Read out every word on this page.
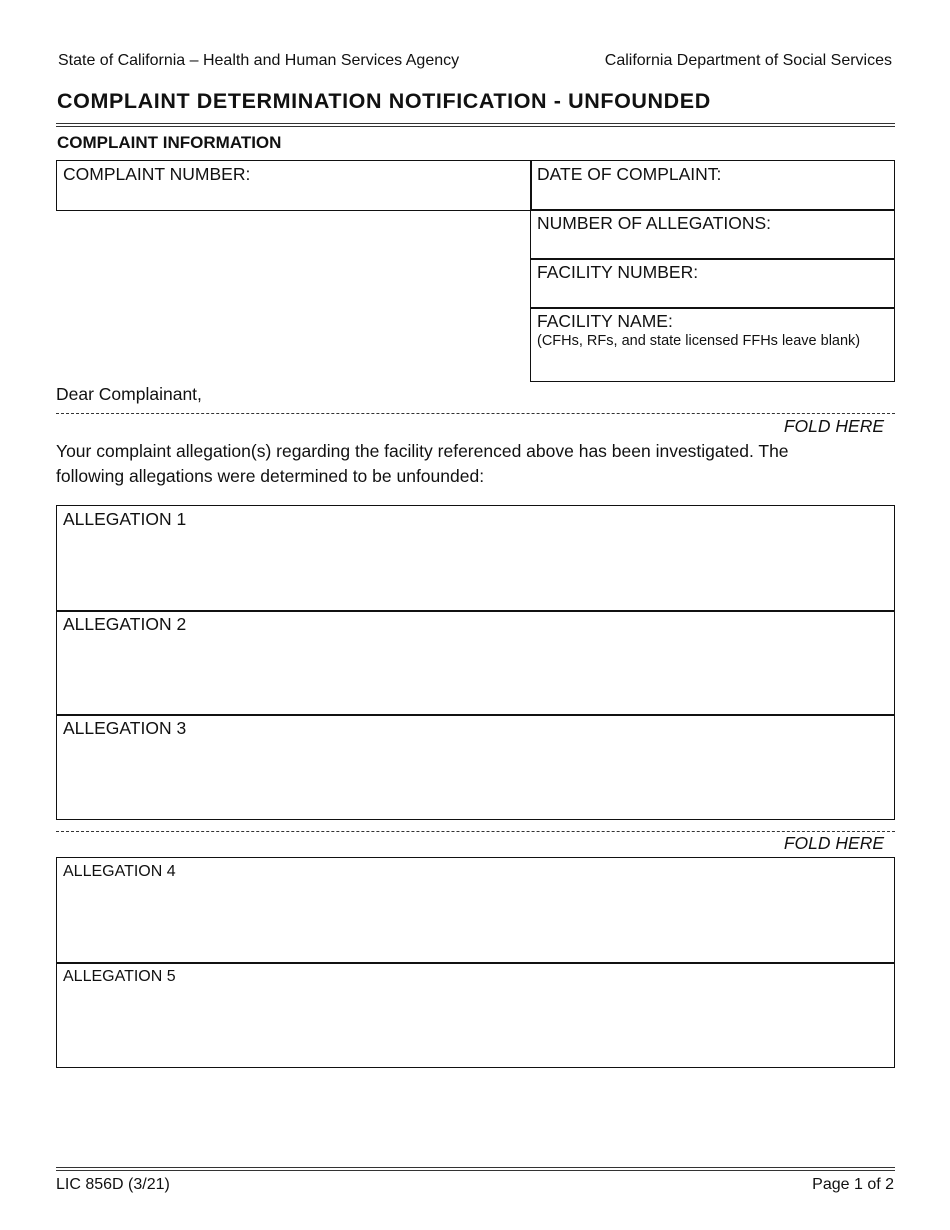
State of California – Health and Human Services Agency	California Department of Social Services
COMPLAINT DETERMINATION NOTIFICATION - UNFOUNDED
COMPLAINT INFORMATION
COMPLAINT NUMBER:	DATE OF COMPLAINT:
NUMBER OF ALLEGATIONS:
FACILITY NUMBER:
FACILITY NAME:
(CFHs, RFs, and state licensed FFHs leave blank)
Dear Complainant,
FOLD HERE
Your complaint allegation(s) regarding the facility referenced above has been investigated. The
following allegations were determined to be unfounded:
ALLEGATION 1
ALLEGATION 2
ALLEGATION 3
FOLD HERE
ALLEGATION 4
ALLEGATION 5
LIC 856D (3/21)	Page 1 of 2
